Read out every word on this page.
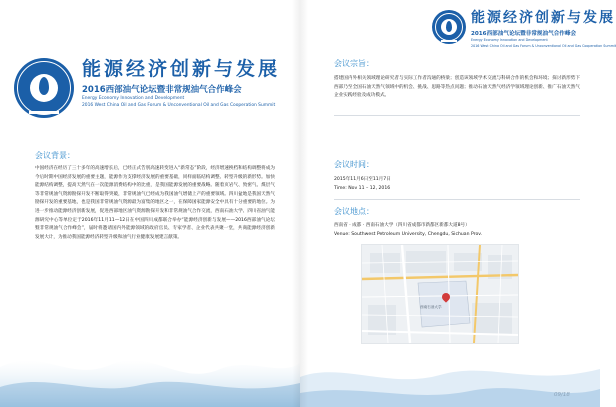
能源经济创新与发展
2016西部油气论坛暨非常规油气合作峰会
Energy Economy Innovation and Development
2016 West China Oil and Gas Forum & Unconventional Oil and Gas Cooperation Summit
会议背景：

中国经济在经历了三十多年的高速增长后，已经正式告别高速转变进入“新常态”阶段，经济增速换档和结构调整将成为今后时期中国经济发展的重要主题，能源作为支撑经济发展的重要基础，同样面临结构调整、转型升级的新形势。加快能源结构调整，提高天然气在一次能源消费结构中的比重，是我国能源发展的重要战略。随着页岩气、致密气、煤层气等非常规油气资源勘探开发不断取得突破，非常规油气已经成为我国油气增储上产的重要领域。四川盆地是我国天然气勘探开发的重要基地，也是我国非常规油气资源最为富集的地区之一，在保障国家能源安全中具有十分重要的地位。为进一步推动能源经济创新发展，促进西部地区油气资源勘探开发和非常规油气合作交流，西南石油大学、四川省油气能源研究中心等单位定于2016年11月11—12日在中国四川成都联合举办“能源经济创新与发展——2016西部油气论坛暨非常规油气合作峰会”，届时将邀请国内外能源领域的政府官员、专家学者、企业代表共聚一堂，共商能源经济创新发展大计，为推动我国能源经济转型升级和油气行业健康发展建言献策。

能源经济创新与发展
2016西部油气论坛暨非常规油气合作峰会
Energy Economy Innovation and Development
2016 West China Oil and Gas Forum & Unconventional Oil and Gas Cooperation Summit
会议宗旨：

搭建国内外相关领域理论研究者与实际工作者沟通的桥梁；创造该领域学术交流与科研合作的机会和环境；探讨新形势下西部乃至全国石油天然气领域中的机会、挑战、思路等热点问题；推动石油天然气经济学领域理论创新、推广石油天然气企业实践经验及成功模式。

会议时间：

2015年11月6日至11月7日

Time: Nov 11 – 12, 2016

会议地点：

西南省 · 成都 · 西南石油大学（四川省成都市新都区新都大道8号）

Venue: Southwest Petroleum University, Chengdu, Sichuan Prov.

西南石油大学
09/18
